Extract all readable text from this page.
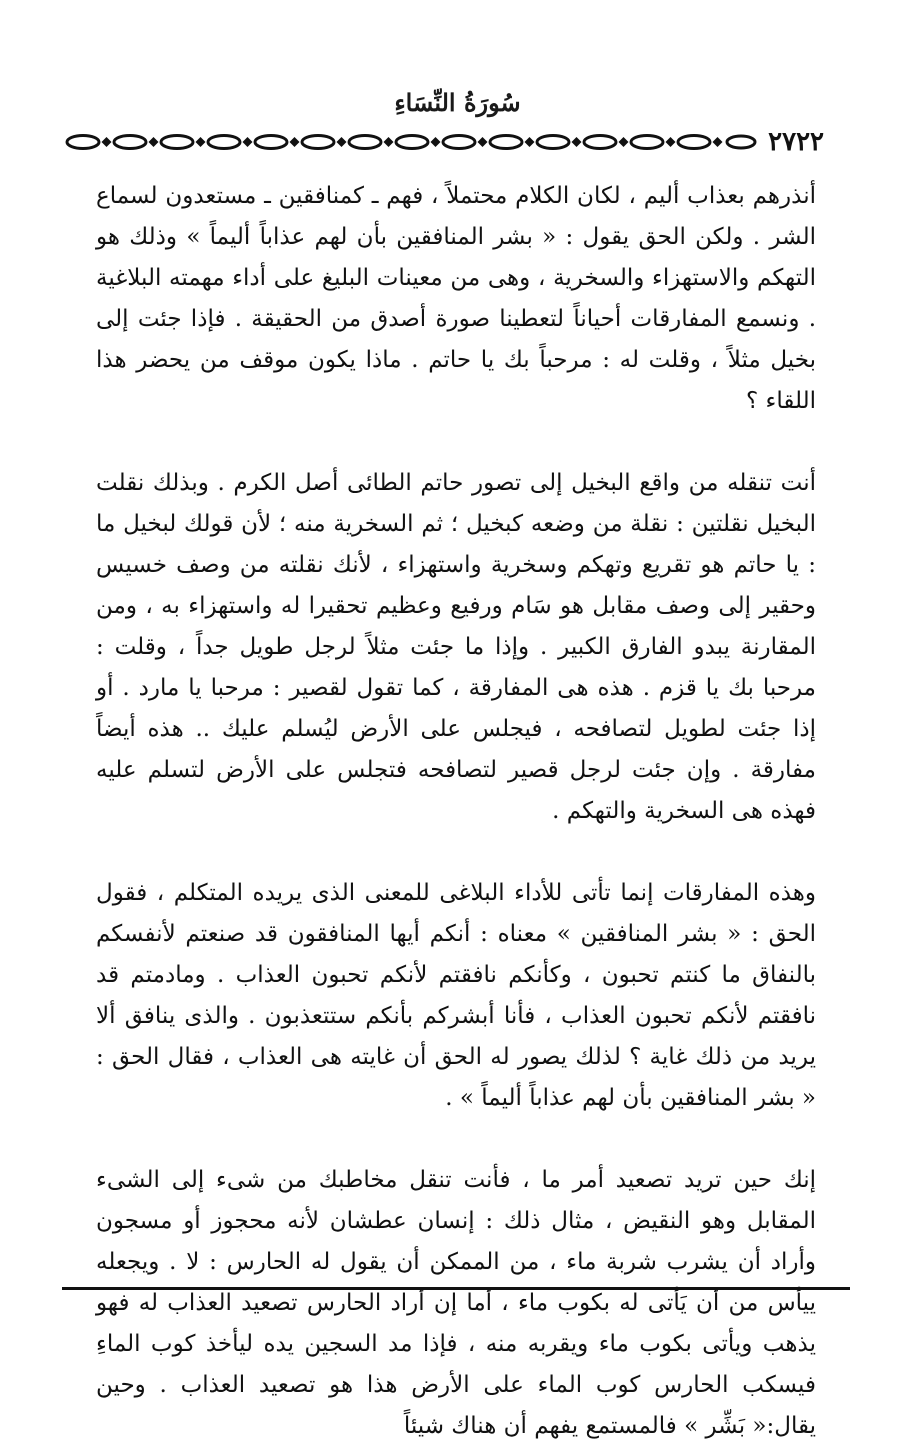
سُورَةُ النِّسَاءِ
٢٧٢٢

أنذرهم بعذاب أليم ، لكان الكلام محتملاً ، فهم ـ كمنافقين ـ مستعدون لسماع الشر . ولكن الحق يقول : « بشر المنافقين بأن لهم عذاباً أليماً » وذلك هو التهكم والاستهزاء والسخرية ، وهى من معينات البليغ على أداء مهمته البلاغية . ونسمع المفارقات أحياناً لتعطينا صورة أصدق من الحقيقة . فإذا جئت إلى بخيل مثلاً ، وقلت له : مرحباً بك يا حاتم . ماذا يكون موقف من يحضر هذا اللقاء ؟

أنت تنقله من واقع البخيل إلى تصور حاتم الطائى أصل الكرم . وبذلك نقلت البخيل نقلتين : نقلة من وضعه كبخيل ؛ ثم السخرية منه ؛ لأن قولك لبخيل ما : يا حاتم هو تقريع وتهكم وسخرية واستهزاء ، لأنك نقلته من وصف خسيس وحقير إلى وصف مقابل هو سَام ورفيع وعظيم تحقيرا له واستهزاء به ، ومن المقارنة يبدو الفارق الكبير . وإذا ما جئت مثلاً لرجل طويل جداً ، وقلت : مرحبا بك يا قزم . هذه هى المفارقة ، كما تقول لقصير : مرحبا يا مارد . أو إذا جئت لطويل لتصافحه ، فيجلس على الأرض ليُسلم عليك .. هذه أيضاً مفارقة . وإن جئت لرجل قصير لتصافحه فتجلس على الأرض لتسلم عليه فهذه هى السخرية والتهكم .

وهذه المفارقات إنما تأتى للأداء البلاغى للمعنى الذى يريده المتكلم ، فقول الحق : « بشر المنافقين » معناه : أنكم أيها المنافقون قد صنعتم لأنفسكم بالنفاق ما كنتم تحبون ، وكأنكم نافقتم لأنكم تحبون العذاب . ومادمتم قد نافقتم لأنكم تحبون العذاب ، فأنا أبشركم بأنكم ستتعذبون . والذى ينافق ألا يريد من ذلك غاية ؟ لذلك يصور له الحق أن غايته هى العذاب ، فقال الحق : « بشر المنافقين بأن لهم عذاباً أليماً » .

إنك حين تريد تصعيد أمر ما ، فأنت تنقل مخاطبك من شىء إلى الشىء المقابل وهو النقيض ، مثال ذلك : إنسان عطشان لأنه محجوز أو مسجون وأراد أن يشرب شربة ماء ، من الممكن أن يقول له الحارس : لا . ويجعله ييأس من أن يَأتى له بكوب ماء ، أما إن أراد الحارس تصعيد العذاب له فهو يذهب ويأتى بكوب ماء ويقربه منه ، فإذا مد السجين يده ليأخذ كوب الماءِ فيسكب الحارس كوب الماء على الأرض هذا هو تصعيد العذاب . وحين يقال:« بَشِّر » فالمستمع يفهم أن هناك شيئاً
